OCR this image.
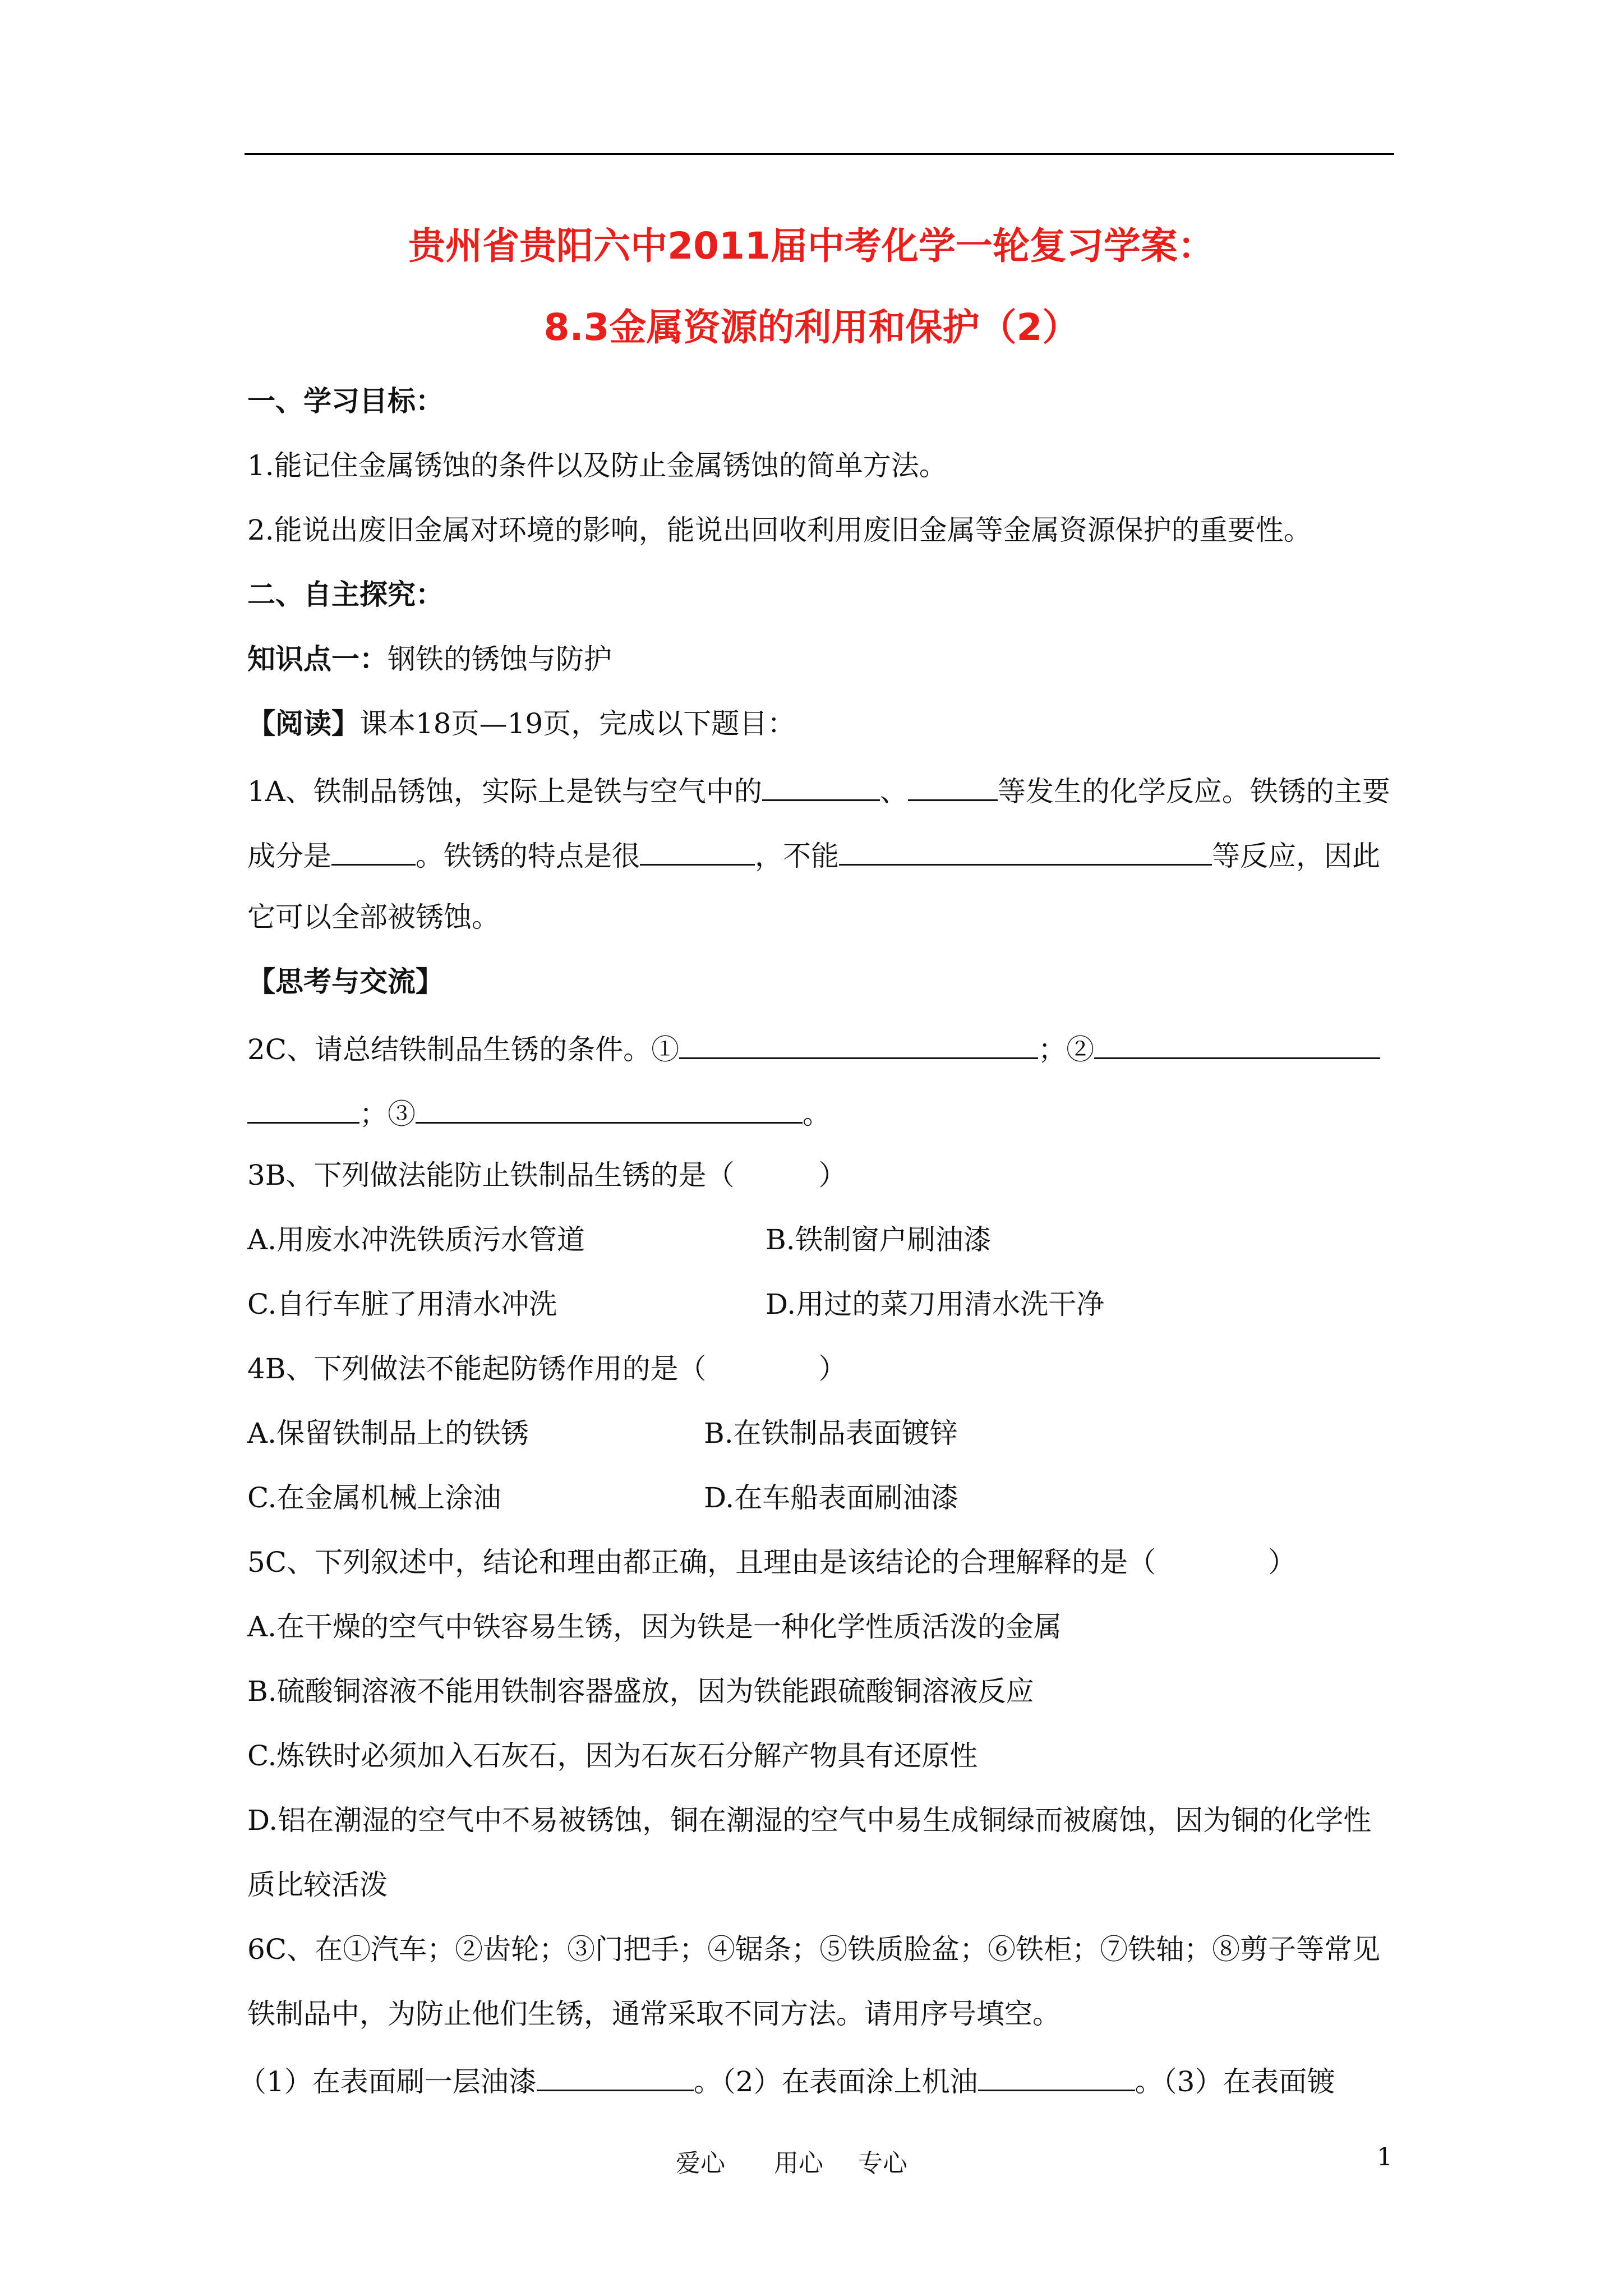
贵州省贵阳六中2011届中考化学一轮复习学案：
8.3金属资源的利用和保护（2）
一、学习目标：
1.能记住金属锈蚀的条件以及防止金属锈蚀的简单方法。
2.能说出废旧金属对环境的影响，能说出回收利用废旧金属等金属资源保护的重要性。
二、自主探究：
知识点一：钢铁的锈蚀与防护
【阅读】课本18页—19页，完成以下题目：
1A、铁制品锈蚀，实际上是铁与空气中的	、	等发生的化学反应。铁锈的主要
成分是	。铁锈的特点是很	，不能	等反应，因此
它可以全部被锈蚀。
【思考与交流】
2C、请总结铁制品生锈的条件。①	；②
；③	。
3B、下列做法能防止铁制品生锈的是（　　　）
A.用废水冲洗铁质污水管道	B.铁制窗户刷油漆
C.自行车脏了用清水冲洗	D.用过的菜刀用清水洗干净
4B、下列做法不能起防锈作用的是（　　　　）
A.保留铁制品上的铁锈	B.在铁制品表面镀锌
C.在金属机械上涂油	D.在车船表面刷油漆
5C、下列叙述中，结论和理由都正确，且理由是该结论的合理解释的是（　　　　）
A.在干燥的空气中铁容易生锈，因为铁是一种化学性质活泼的金属
B.硫酸铜溶液不能用铁制容器盛放，因为铁能跟硫酸铜溶液反应
C.炼铁时必须加入石灰石，因为石灰石分解产物具有还原性
D.铝在潮湿的空气中不易被锈蚀，铜在潮湿的空气中易生成铜绿而被腐蚀，因为铜的化学性
质比较活泼
6C、在①汽车；②齿轮；③门把手；④锯条；⑤铁质脸盆；⑥铁柜；⑦铁轴；⑧剪子等常见
铁制品中，为防止他们生锈，通常采取不同方法。请用序号填空。
（1）在表面刷一层油漆	。（2）在表面涂上机油	。（3）在表面镀
爱心 用心 专心	1
